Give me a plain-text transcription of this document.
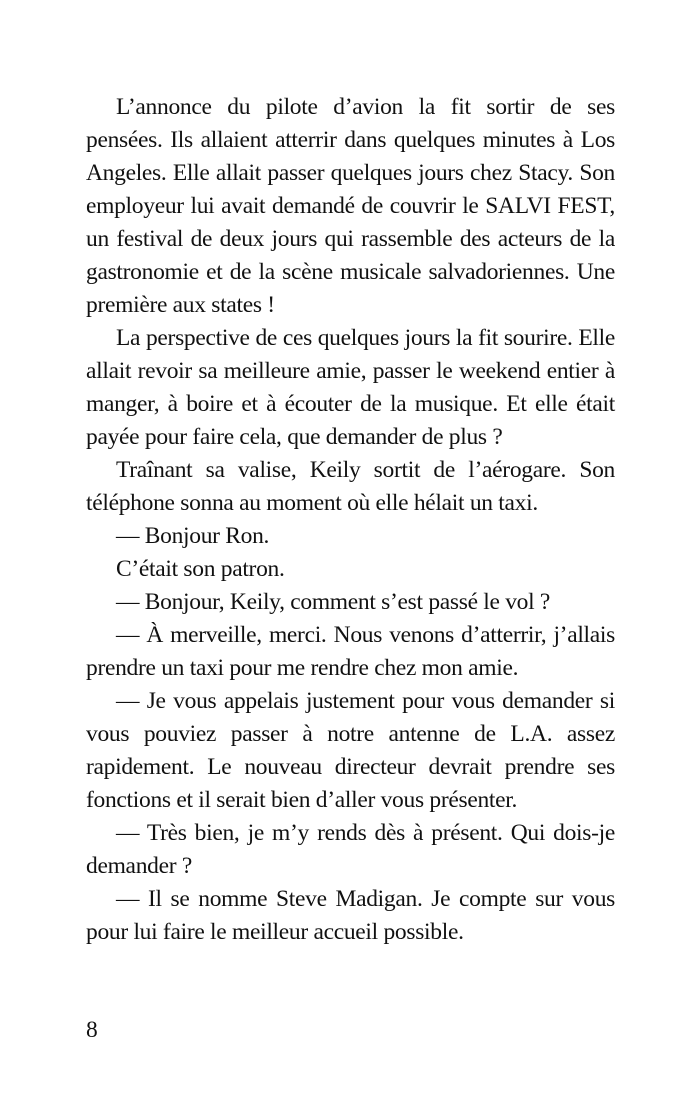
L’annonce du pilote d’avion la fit sortir de ses pensées. Ils allaient atterrir dans quelques minutes à Los Angeles. Elle allait passer quelques jours chez Stacy. Son employeur lui avait demandé de couvrir le SALVI FEST, un festival de deux jours qui rassemble des acteurs de la gastronomie et de la scène musicale salvadoriennes. Une première aux states !

La perspective de ces quelques jours la fit sourire. Elle allait revoir sa meilleure amie, passer le weekend entier à manger, à boire et à écouter de la musique. Et elle était payée pour faire cela, que demander de plus ?

Traînant sa valise, Keily sortit de l’aérogare. Son téléphone sonna au moment où elle hélait un taxi.

— Bonjour Ron.

C’était son patron.

— Bonjour, Keily, comment s’est passé le vol ?

— À merveille, merci. Nous venons d’atterrir, j’allais prendre un taxi pour me rendre chez mon amie.

— Je vous appelais justement pour vous demander si vous pouviez passer à notre antenne de L.A. assez rapidement. Le nouveau directeur devrait prendre ses fonctions et il serait bien d’aller vous présenter.

— Très bien, je m’y rends dès à présent. Qui dois-je demander ?

— Il se nomme Steve Madigan. Je compte sur vous pour lui faire le meilleur accueil possible.

8
